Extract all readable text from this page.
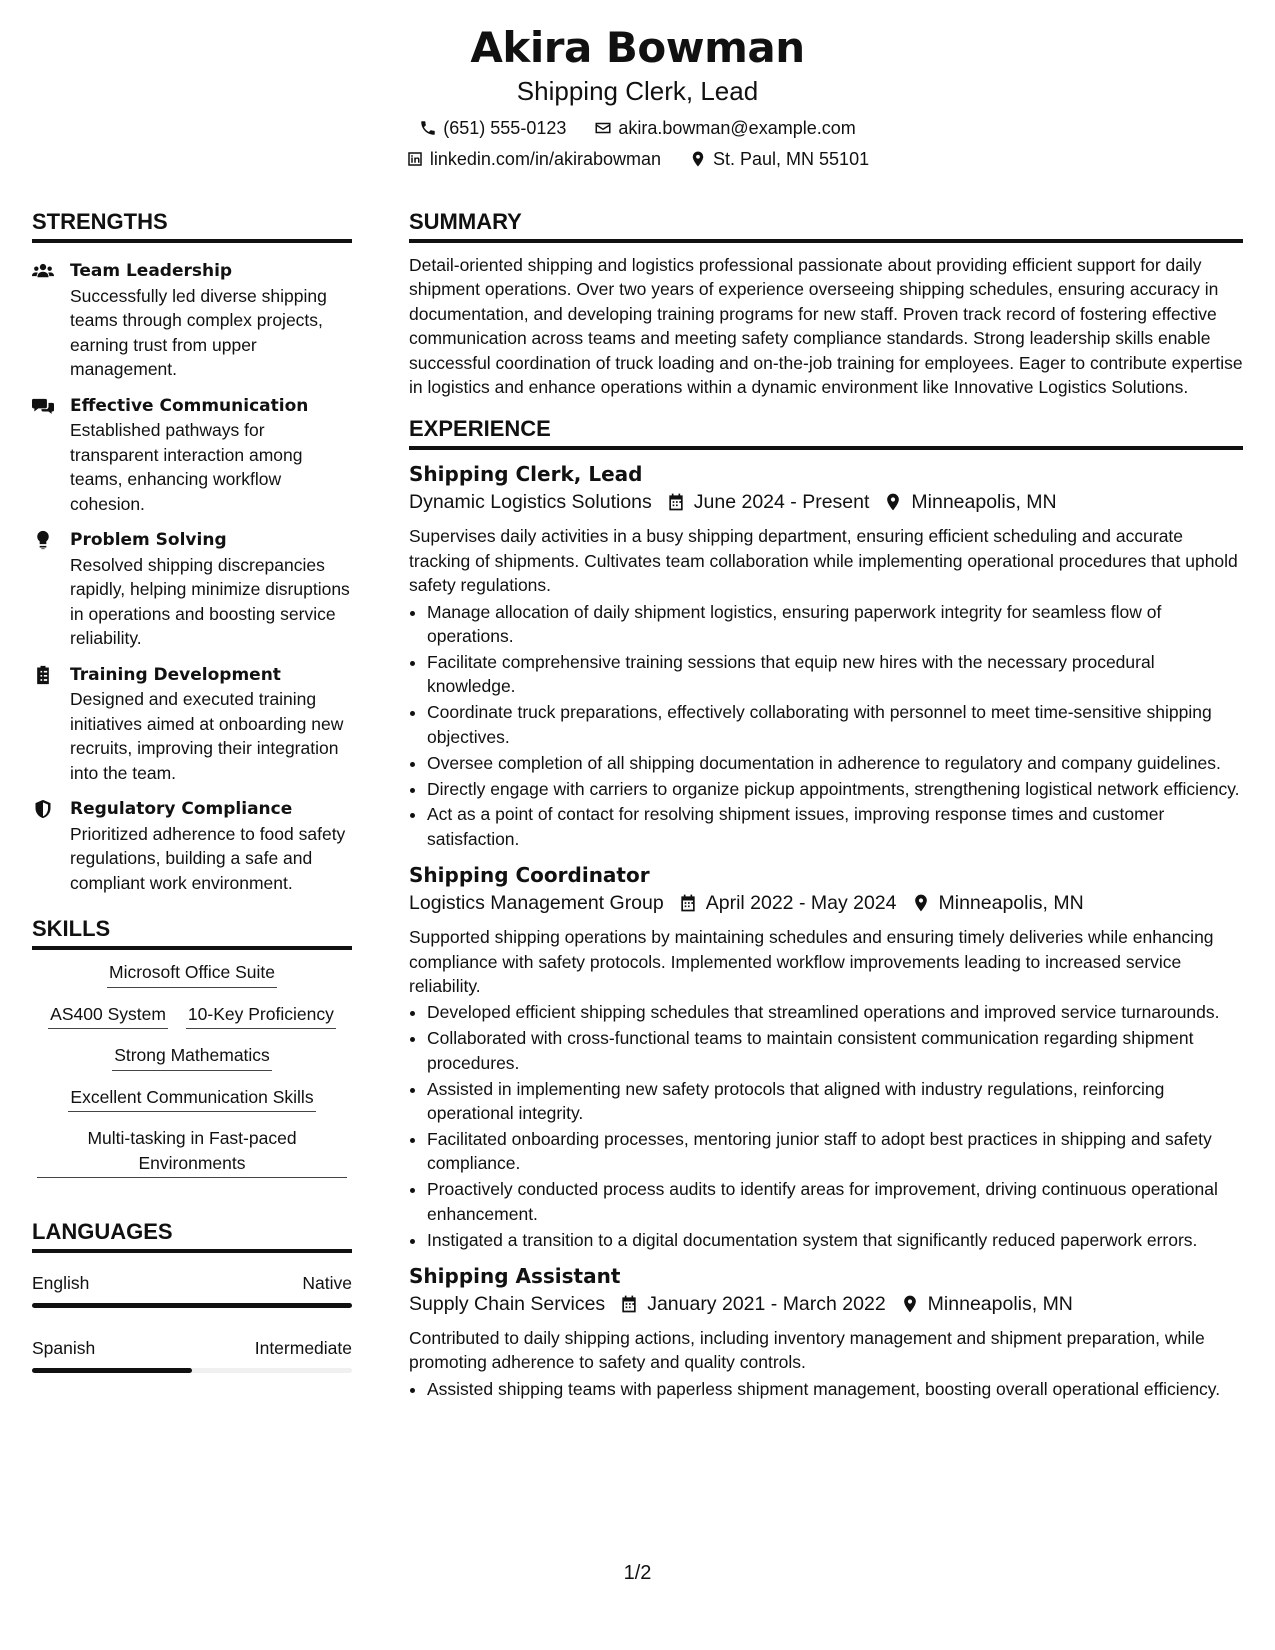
Akira Bowman
Shipping Clerk, Lead
(651) 555-0123	akira.bowman@example.com
linkedin.com/in/akirabowman	St. Paul, MN 55101
STRENGTHS
Team Leadership
Successfully led diverse shipping teams through complex projects, earning trust from upper management.
Effective Communication
Established pathways for transparent interaction among teams, enhancing workflow cohesion.
Problem Solving
Resolved shipping discrepancies rapidly, helping minimize disruptions in operations and boosting service reliability.
Training Development
Designed and executed training initiatives aimed at onboarding new recruits, improving their integration into the team.
Regulatory Compliance
Prioritized adherence to food safety regulations, building a safe and compliant work environment.
SKILLS
Microsoft Office Suite
AS400 System 10-Key Proficiency
Strong Mathematics
Excellent Communication Skills
Multi-tasking in Fast-paced Environments
LANGUAGES
English	Native
Spanish	Intermediate
SUMMARY

Detail-oriented shipping and logistics professional passionate about providing efficient support for daily shipment operations. Over two years of experience overseeing shipping schedules, ensuring accuracy in documentation, and developing training programs for new staff. Proven track record of fostering effective communication across teams and meeting safety compliance standards. Strong leadership skills enable successful coordination of truck loading and on-the-job training for employees. Eager to contribute expertise in logistics and enhance operations within a dynamic environment like Innovative Logistics Solutions.

EXPERIENCE
Shipping Clerk, Lead
Dynamic Logistics Solutions June 2024 - Present Minneapolis, MN

Supervises daily activities in a busy shipping department, ensuring efficient scheduling and accurate tracking of shipments. Cultivates team collaboration while implementing operational procedures that uphold safety regulations.

• Manage allocation of daily shipment logistics, ensuring paperwork integrity for seamless flow of operations.
• Facilitate comprehensive training sessions that equip new hires with the necessary procedural knowledge.
• Coordinate truck preparations, effectively collaborating with personnel to meet time-sensitive shipping objectives.
• Oversee completion of all shipping documentation in adherence to regulatory and company guidelines.
• Directly engage with carriers to organize pickup appointments, strengthening logistical network efficiency.
• Act as a point of contact for resolving shipment issues, improving response times and customer satisfaction.
Shipping Coordinator
Logistics Management Group April 2022 - May 2024 Minneapolis, MN

Supported shipping operations by maintaining schedules and ensuring timely deliveries while enhancing compliance with safety protocols. Implemented workflow improvements leading to increased service reliability.

• Developed efficient shipping schedules that streamlined operations and improved service turnarounds.
• Collaborated with cross-functional teams to maintain consistent communication regarding shipment procedures.
• Assisted in implementing new safety protocols that aligned with industry regulations, reinforcing operational integrity.
• Facilitated onboarding processes, mentoring junior staff to adopt best practices in shipping and safety compliance.
• Proactively conducted process audits to identify areas for improvement, driving continuous operational enhancement.
• Instigated a transition to a digital documentation system that significantly reduced paperwork errors.
Shipping Assistant
Supply Chain Services January 2021 - March 2022 Minneapolis, MN

Contributed to daily shipping actions, including inventory management and shipment preparation, while promoting adherence to safety and quality controls.

• Assisted shipping teams with paperless shipment management, boosting overall operational efficiency.
1/2
